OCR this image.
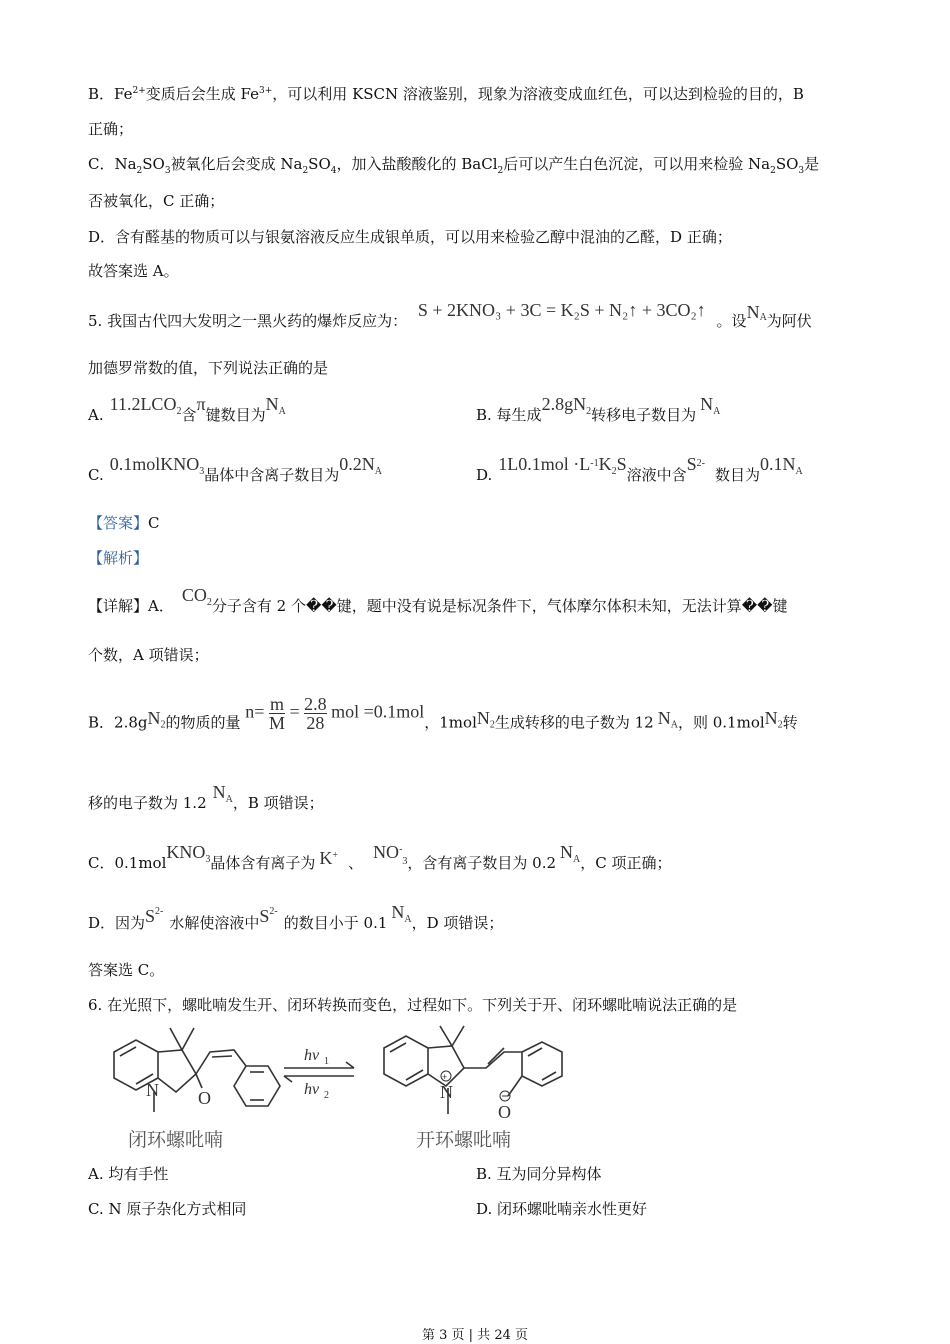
B．$Fe^{2+}$变质后会生成 $Fe^{3+}$，可以利用 KSCN 溶液鉴别，现象为溶液变成血红色，可以达到检验的目的，B
正确；
C．$Na_2SO_3$被氧化后会变成 $Na_2SO_4$，加入盐酸酸化的 BaCl$_2$后可以产生白色沉淀，可以用来检验 $Na_2SO_3$是
否被氧化，C 正确；
D．含有醛基的物质可以与银氨溶液反应生成银单质，可以用来检验乙醇中混油的乙醛，D 正确；
故答案选 A。
5. 我国古代四大发明之一黑火药的爆炸反应为： S + 2KNO₃ + 3C = K₂S + N₂↑ + 3CO₂↑ 。设$N^A$为阿伏
加德罗常数的值，下列说法正确的是
A.11.2LCO$^2$含π键数目为$N^A$	B. 每生成$2.8gN^2$转移电子数目为$N^A$
C.0.1molKNO$^3$晶体中含离子数目为$0.2N^A$	$D.1L0.1mol \cdot L^{-1}K^2S$溶液中含$S^{2-}$数目为$0.1N^A$
【答案】C
【解析】
【详解】A．$CO^2$分子含有 2 个��键，题中没有说是标况条件下，气体摩尔体积未知，无法计算��键
个数，A 项错误；
B．2.8gN2的物质的量 $n= \frac{m}{M} = \frac{2.8}{28}$ mol =0.1mol，1molN2生成转移的电子数为 12 NA，则 0.1molN2转
移的电子数为 $1.2N^A$，B 项错误；
C．0.1molKNO$^3$晶体含有离子为 K+ 、$NO^{-3}$，含有离子数目为 $0.2N^A$，C 项正确；
D．因为$S^{2-}$水解使溶液中$S^{2-}$的数目小于 $0.1N^A$，D 项错误；
答案选 C。
6. 在光照下，螺吡喃发生开、闭环转换而变色，过程如下。下列关于开、闭环螺吡喃说法正确的是
N O	N
+
O
hv 1
hv 2
闭环螺吡喃	开环螺吡喃
A. 均有手性	B. 互为同分异构体
C. N 原子杂化方式相同	D. 闭环螺吡喃亲水性更好
第 3 页 | 共 24 页
